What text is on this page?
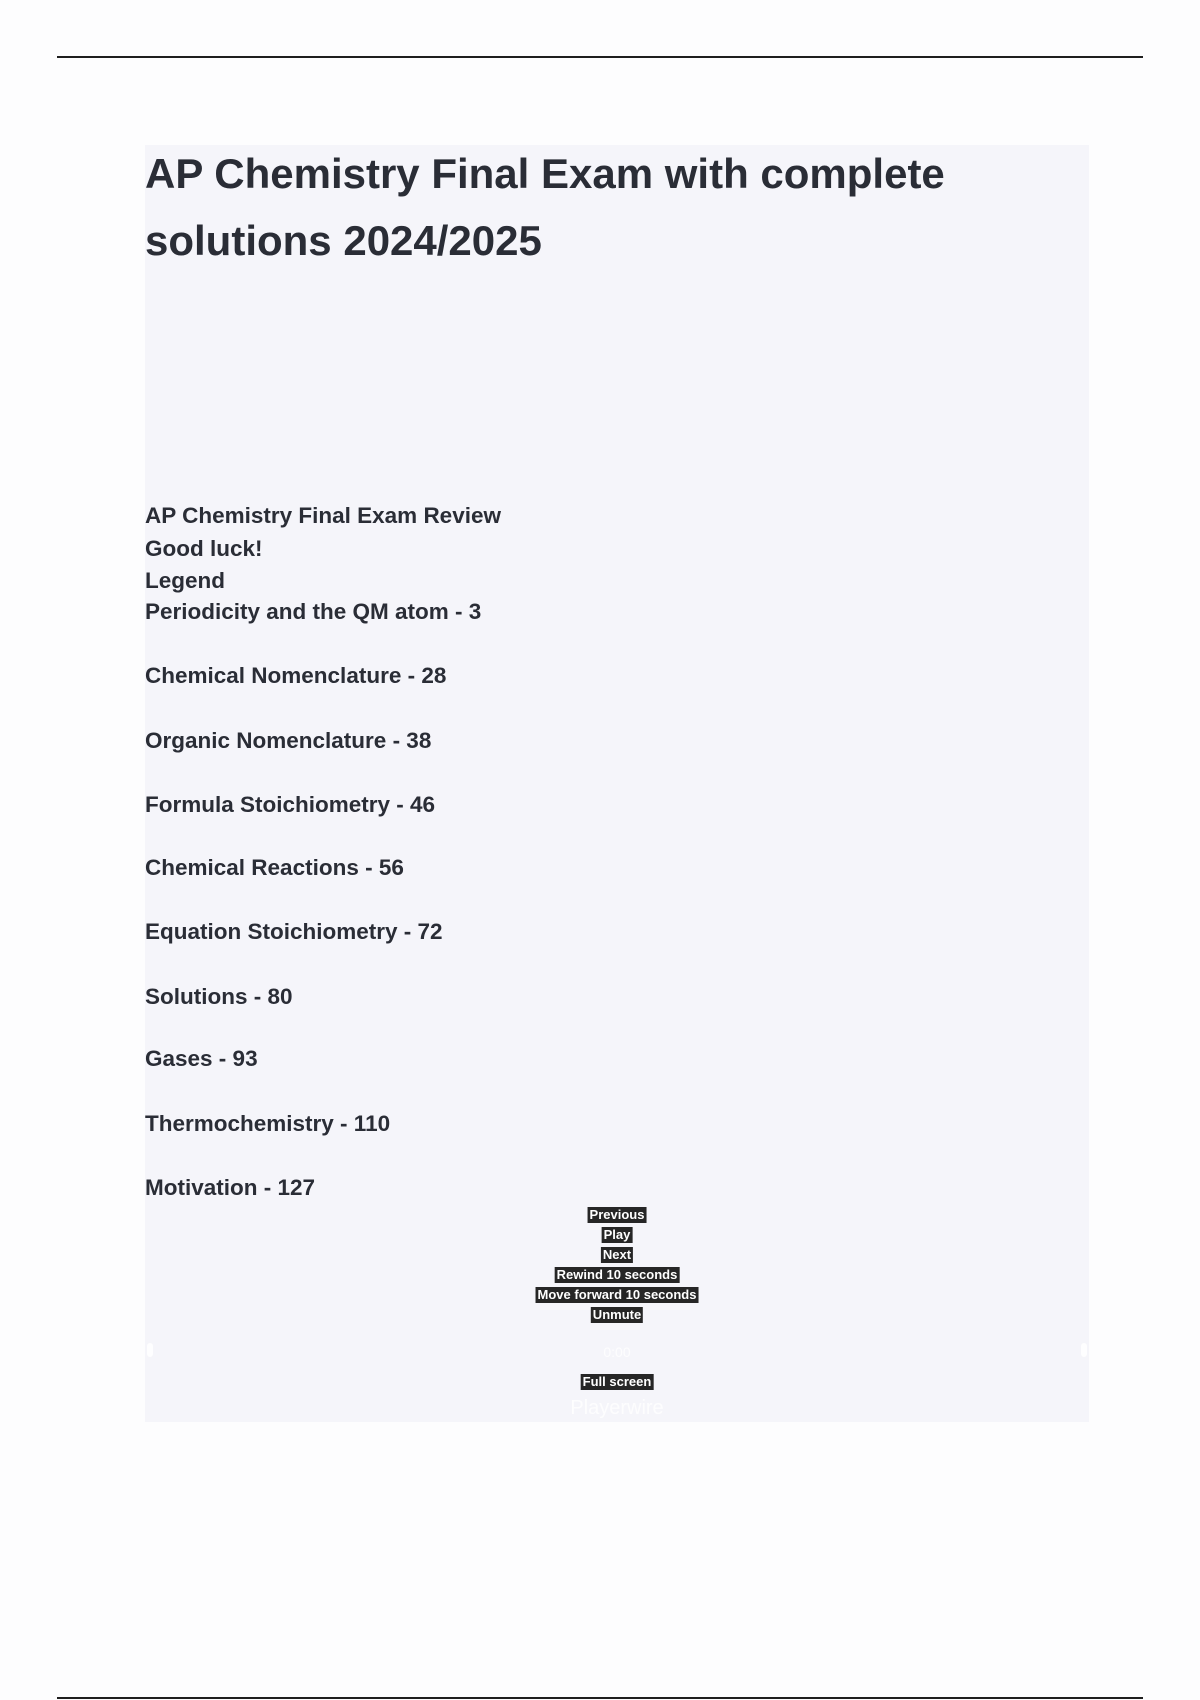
AP Chemistry Final Exam with complete solutions 2024/2025
AP Chemistry Final Exam Review
Good luck!
Legend
Periodicity and the QM atom - 3
Chemical Nomenclature - 28
Organic Nomenclature - 38
Formula Stoichiometry - 46
Chemical Reactions - 56
Equation Stoichiometry - 72
Solutions - 80
Gases - 93
Thermochemistry - 110
Motivation - 127
Previous
Play
Next
Rewind 10 seconds
Move forward 10 seconds
Unmute
0:00
Full screen
Playerwire
